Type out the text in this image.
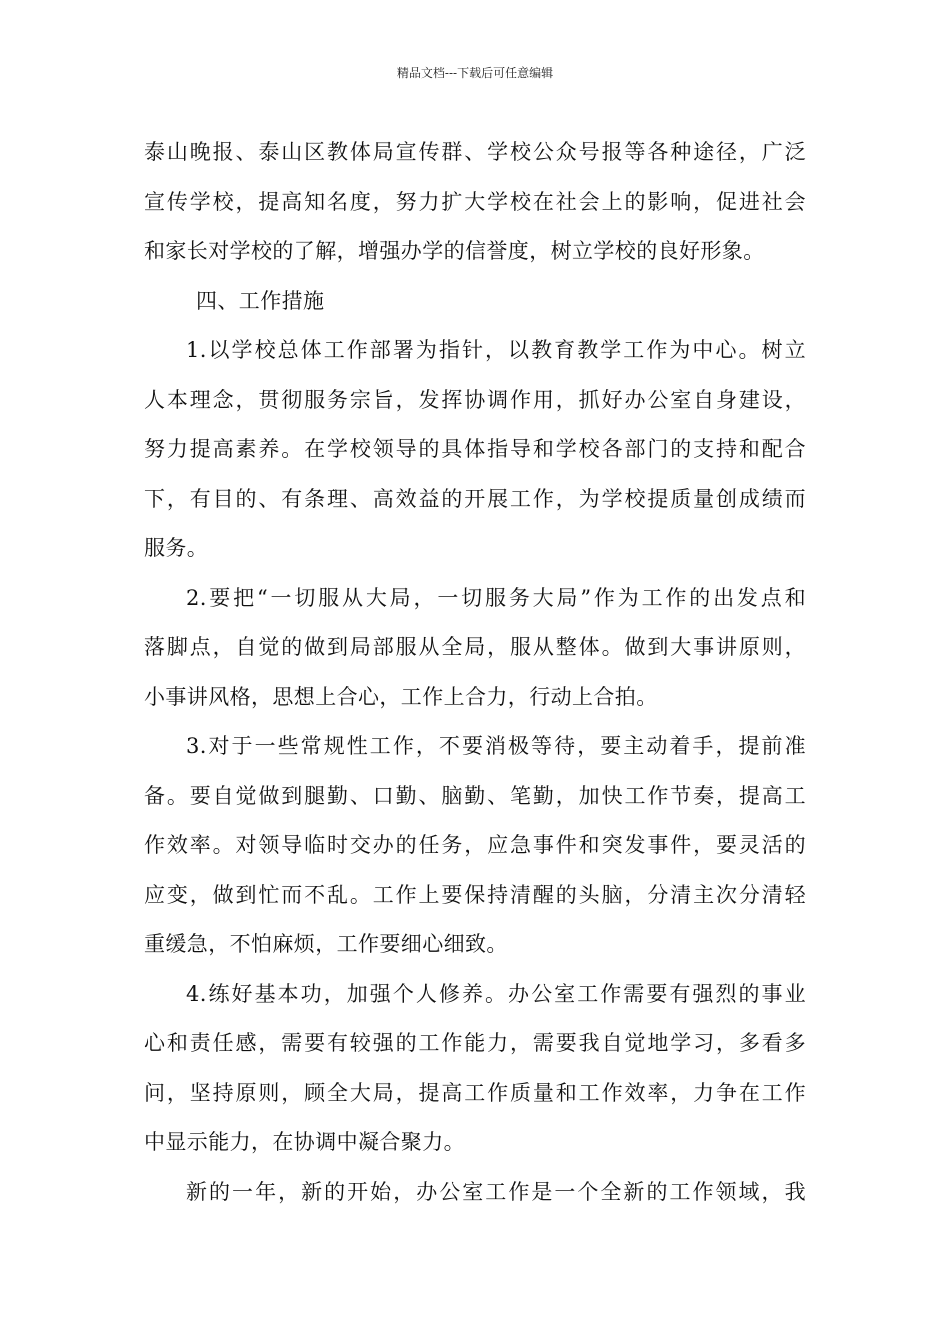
精品文档---下载后可任意编辑
泰山晚报、泰山区教体局宣传群、学校公众号报等各种途径，广泛
宣传学校，提高知名度，努力扩大学校在社会上的影响，促进社会
和家长对学校的了解，增强办学的信誉度，树立学校的良好形象。
四、工作措施
1.以学校总体工作部署为指针，以教育教学工作为中心。树立
人本理念，贯彻服务宗旨，发挥协调作用，抓好办公室自身建设，
努力提高素养。在学校领导的具体指导和学校各部门的支持和配合
下，有目的、有条理、高效益的开展工作，为学校提质量创成绩而
服务。
2.要把“一切服从大局，一切服务大局”作为工作的出发点和
落脚点，自觉的做到局部服从全局，服从整体。做到大事讲原则，
小事讲风格，思想上合心，工作上合力，行动上合拍。
3.对于一些常规性工作，不要消极等待，要主动着手，提前准
备。要自觉做到腿勤、口勤、脑勤、笔勤，加快工作节奏，提高工
作效率。对领导临时交办的任务，应急事件和突发事件，要灵活的
应变，做到忙而不乱。工作上要保持清醒的头脑，分清主次分清轻
重缓急，不怕麻烦，工作要细心细致。
4.练好基本功，加强个人修养。办公室工作需要有强烈的事业
心和责任感，需要有较强的工作能力，需要我自觉地学习，多看多
问，坚持原则，顾全大局，提高工作质量和工作效率，力争在工作
中显示能力，在协调中凝合聚力。
新的一年，新的开始，办公室工作是一个全新的工作领域，我
